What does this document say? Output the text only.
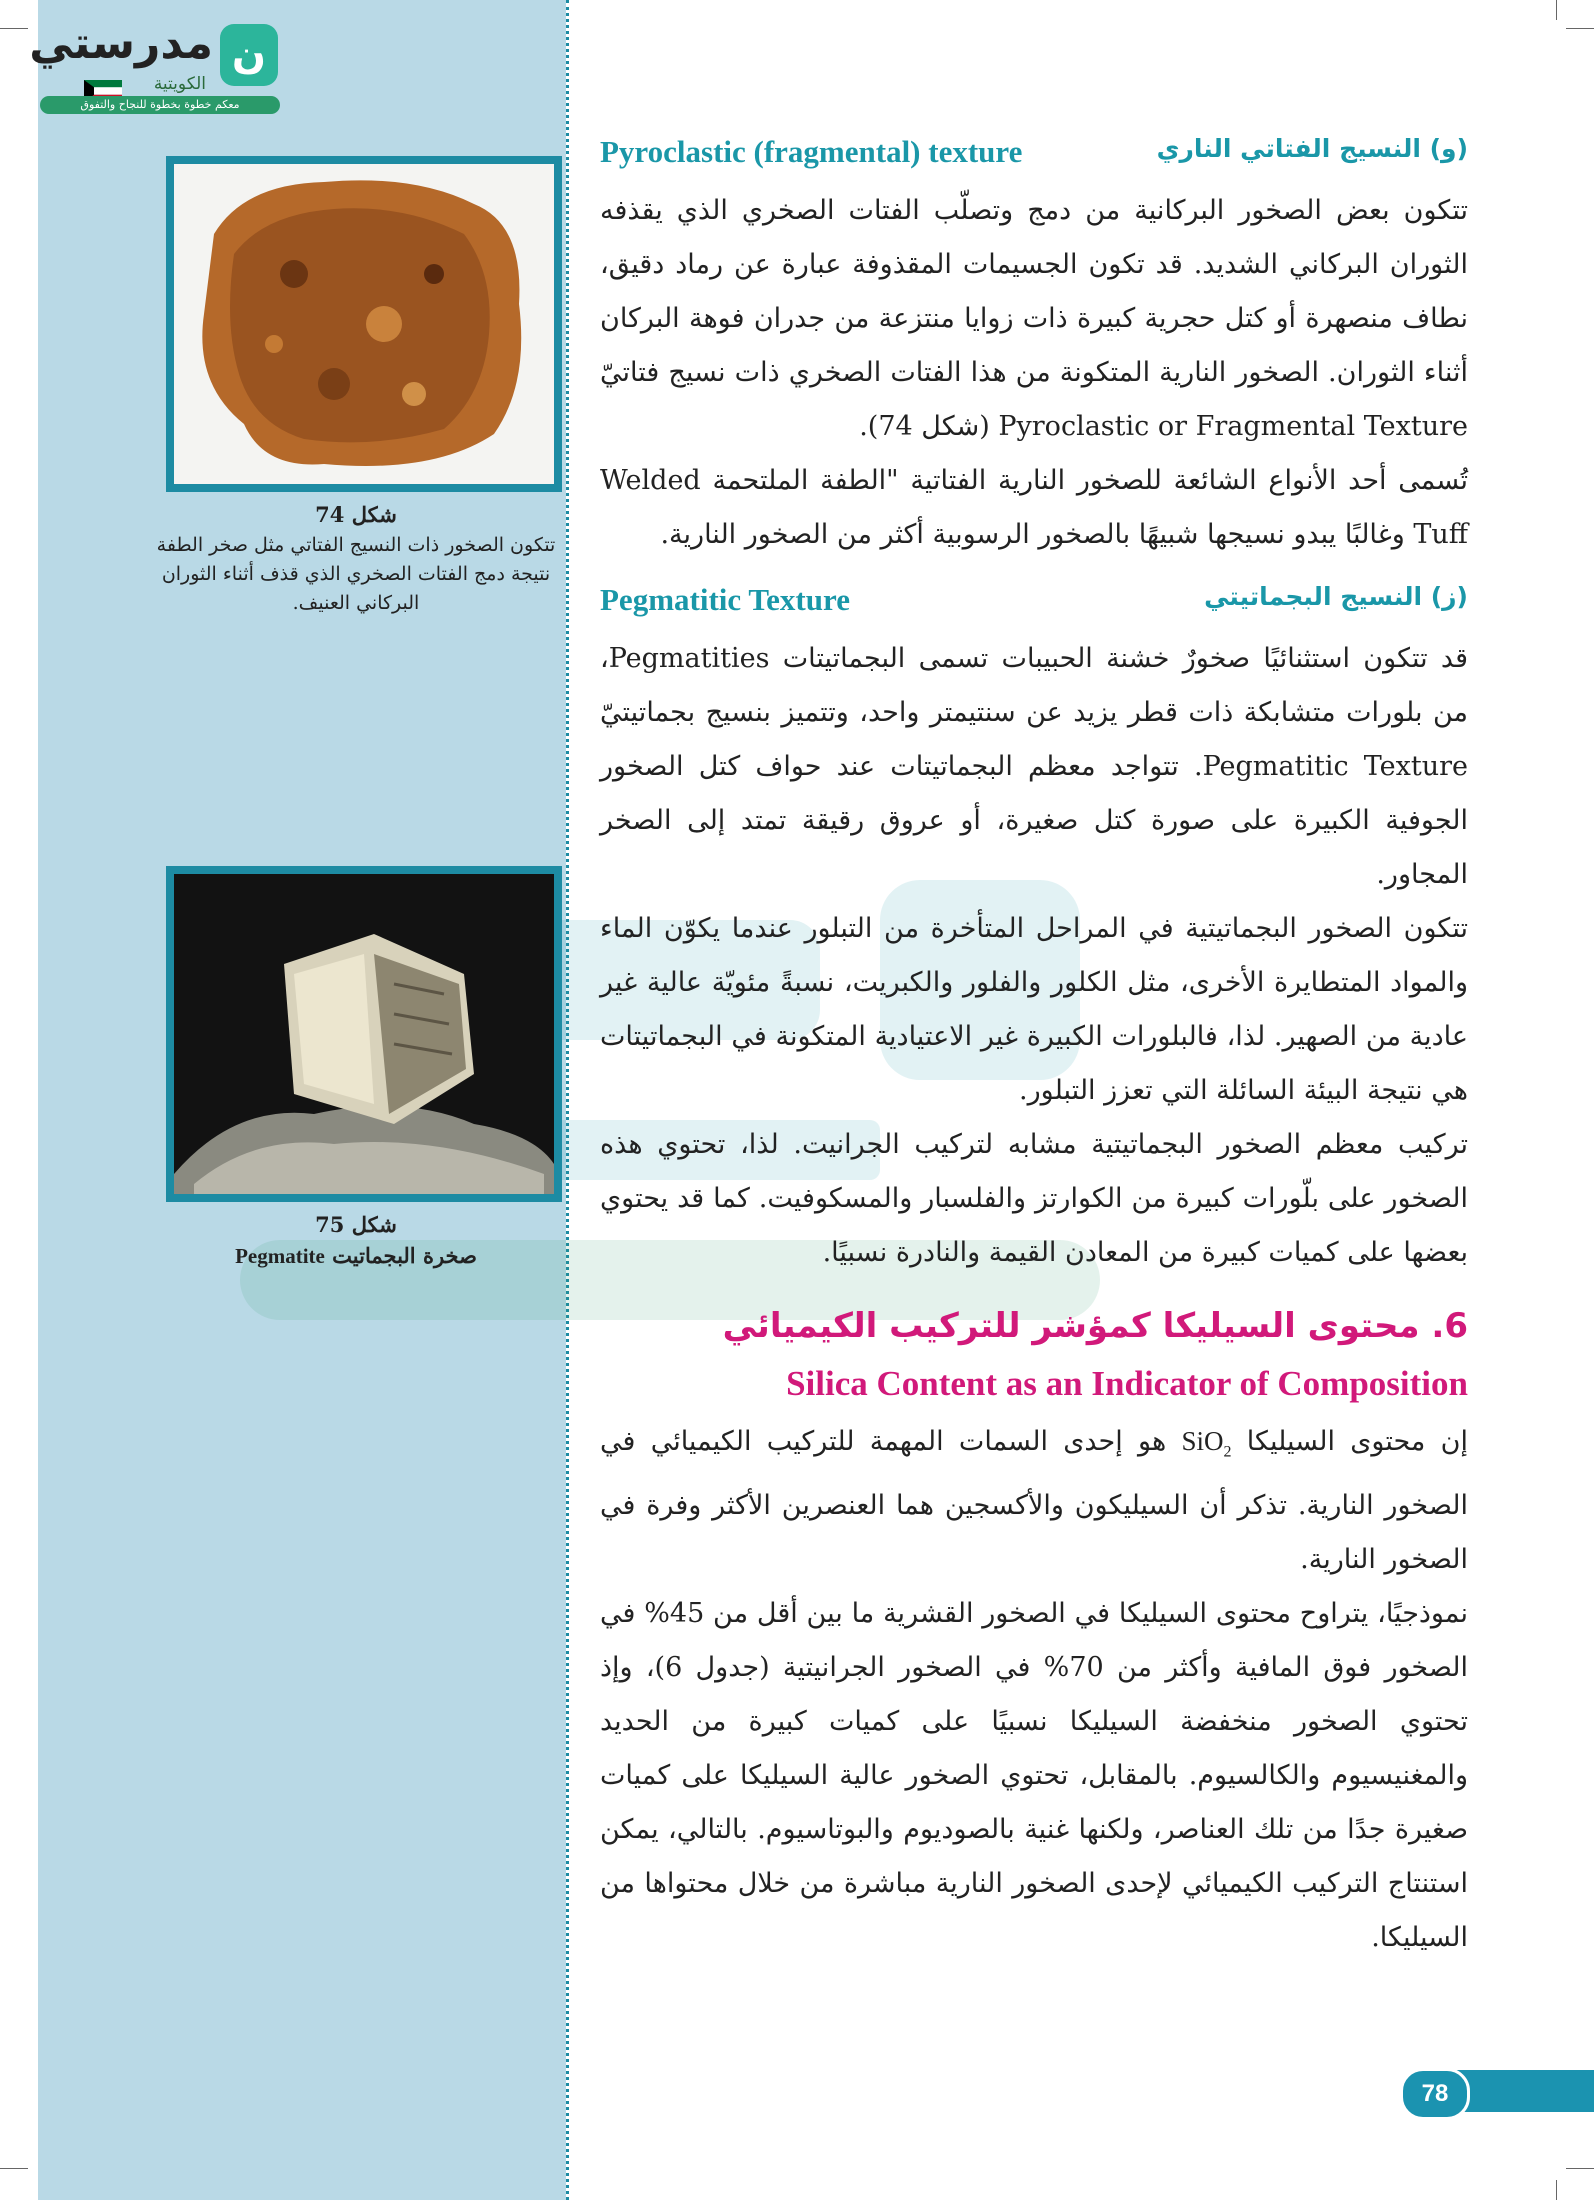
مدرستي
الكويتية
ن
معكم خطوة بخطوة للنجاح والتفوق
شكل 74
تتكون الصخور ذات النسيج الفتاتي مثل صخر الطفة نتيجة دمج الفتات الصخري الذي قذف أثناء الثوران البركاني العنيف.
شكل 75
صخرة البجماتيت Pegmatite
(و) النسيج الفتاتي الناري
Pyroclastic (fragmental) texture

تتكون بعض الصخور البركانية من دمج وتصلّب الفتات الصخري الذي يقذفه الثوران البركاني الشديد. قد تكون الجسيمات المقذوفة عبارة عن رماد دقيق، نطاف منصهرة أو كتل حجرية كبيرة ذات زوايا منتزعة من جدران فوهة البركان أثناء الثوران. الصخور النارية المتكونة من هذا الفتات الصخري ذات نسيج فتاتيّ Pyroclastic or Fragmental Texture (شكل 74).

تُسمى أحد الأنواع الشائعة للصخور النارية الفتاتية "الطفة الملتحمة Welded Tuff وغالبًا يبدو نسيجها شبيهًا بالصخور الرسوبية أكثر من الصخور النارية.

(ز) النسيج البجماتيتي
Pegmatitic Texture

قد تتكون استثنائيًا صخورٌ خشنة الحبيبات تسمى البجماتيتات Pegmatities، من بلورات متشابكة ذات قطر يزيد عن سنتيمتر واحد، وتتميز بنسيج بجماتيتيّ Pegmatitic Texture. تتواجد معظم البجماتيتات عند حواف كتل الصخور الجوفية الكبيرة على صورة كتل صغيرة، أو عروق رقيقة تمتد إلى الصخر المجاور.

تتكون الصخور البجماتيتية في المراحل المتأخرة من التبلور عندما يكوّن الماء والمواد المتطايرة الأخرى، مثل الكلور والفلور والكبريت، نسبةً مئويّة عالية غير عادية من الصهير. لذا، فالبلورات الكبيرة غير الاعتيادية المتكونة في البجماتيتات هي نتيجة البيئة السائلة التي تعزز التبلور.

تركيب معظم الصخور البجماتيتية مشابه لتركيب الجرانيت. لذا، تحتوي هذه الصخور على بلّورات كبيرة من الكوارتز والفلسبار والمسكوفيت. كما قد يحتوي بعضها على كميات كبيرة من المعادن القيمة والنادرة نسبيًا.

6. محتوى السيليكا كمؤشر للتركيب الكيميائي
Silica Content as an Indicator of Composition

إن محتوى السيليكا SiO$_2$ هو إحدى السمات المهمة للتركيب الكيميائي في الصخور النارية. تذكر أن السيليكون والأكسجين هما العنصرين الأكثر وفرة في الصخور النارية.

نموذجيًا، يتراوح محتوى السيليكا في الصخور القشرية ما بين أقل من 45% في الصخور فوق المافية وأكثر من 70% في الصخور الجرانيتية (جدول 6)، وإذ تحتوي الصخور منخفضة السيليكا نسبيًا على كميات كبيرة من الحديد والمغنيسيوم والكالسيوم. بالمقابل، تحتوي الصخور عالية السيليكا على كميات صغيرة جدًا من تلك العناصر، ولكنها غنية بالصوديوم والبوتاسيوم. بالتالي، يمكن استنتاج التركيب الكيميائي لإحدى الصخور النارية مباشرة من خلال محتواها من السيليكا.

78
